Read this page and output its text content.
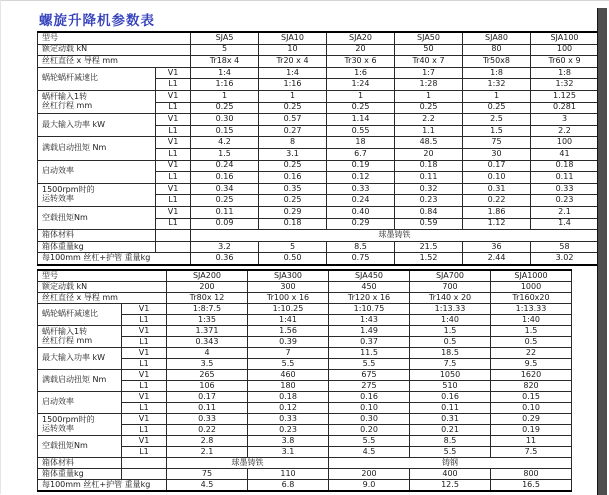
螺旋升降机参数表
型号		SJA5	SJA10	SJA20	SJA50	SJA80	SJA100
额定动载 kN		5	10	20	50	80	100
丝杠直径 x 导程 mm		Tr18x 4	Tr20 x 4	Tr30 x 6	Tr40 x 7	Tr50x8	Tr60 x 9

蜗轮蜗杆减速比	V1	1:4	1:4	1:6	1:7	1:8	1:8
	L1	1:16	1:16	1:24	1:28	1:32	1:32

蜗杆输入1转
丝杠行程 mm	V1	1	1	1	1	1	1.125
	L1	0.25	0.25	0.25	0.25	0.25	0.281

最大输入功率 kW	V1	0.30	0.57	1.14	2.2	2.5	3
	L1	0.15	0.27	0.55	1.1	1.5	2.2

满载启动扭矩 Nm	V1	4.2	8	18	48.5	75	100
	L1	1.5	3.1	6.7	20	30	41

启动效率	V1	0.24	0.25	0.19	0.18	0.17	0.18
	L1	0.16	0.16	0.12	0.11	0.10	0.11

1500rpm时的
运转效率	V1	0.34	0.35	0.33	0.32	0.31	0.33
	L1	0.25	0.25	0.24	0.23	0.22	0.23

空载扭矩Nm	V1	0.11	0.29	0.40	0.84	1.86	2.1
	L1	0.09	0.18	0.29	0.59	1.12	1.4
箱体材料		球墨铸铁					
箱体重量kg		3.2	5	8.5	21.5	36	58
每100mm 丝杠+护管 重量kg		0.36	0.50	0.75	1.52	2.44	3.02
型号		SJA200	SJA300	SJA450	SJA700	SJA1000
额定动载 kN		200	300	450	700	1000
丝杠直径 x 导程 mm		Tr80x 12	Tr100 x 16	Tr120 x 16	Tr140 x 20	Tr160x20

蜗轮蜗杆减速比	V1	1:8:7.5	1:10.25	1:10.75	1:13.33	1:13.33
	L1	1:35	1:41	1:43	1:40	1:40

蜗杆输入1转
丝杠行程 mm	V1	1.371	1.56	1.49	1.5	1.5
	L1	0.343	0.39	0.37	0.5	0.5

最大输入功率 kW	V1	4	7	11.5	18.5	22
	L1	3.5	5.5	5.5	7.5	9.5

满载启动扭矩 Nm	V1	265	460	675	1050	1620
	L1	106	180	275	510	820

启动效率	V1	0.17	0.18	0.16	0.16	0.15
	L1	0.11	0.12	0.10	0.11	0.10

1500rpm时的
运转效率	V1	0.33	0.33	0.30	0.31	0.29
	L1	0.22	0.23	0.20	0.21	0.19

空载扭矩Nm	V1	2.8	3.8	5.5	8.5	11
	L1	2.1	3.1	4.5	5.5	7.5
箱体材料		球墨铸铁		铸钢		
箱体重量kg		75	110	200	400	800
每100mm 丝杠+护管 重量kg		4.5	6.8	9.0	12.5	16.5
